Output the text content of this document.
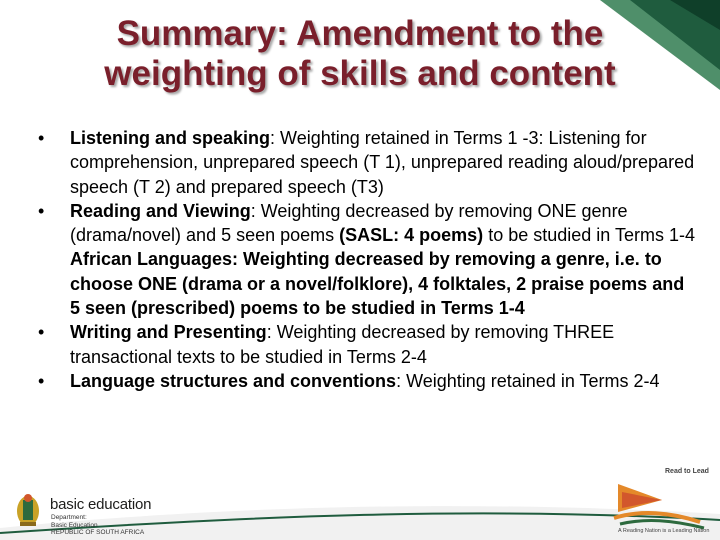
Summary: Amendment to the
weighting of skills and content
•	Listening and speaking: Weighting retained in Terms 1 -3: Listening for comprehension, unprepared speech (T 1), unprepared reading aloud/prepared speech (T 2) and prepared speech (T3)
•	Reading and Viewing: Weighting decreased by removing ONE genre (drama/novel) and 5 seen poems (SASL: 4 poems) to be studied in Terms 1-4
African Languages: Weighting decreased by removing a genre, i.e. to choose ONE (drama or a novel/folklore), 4 folktales, 2 praise poems and 5 seen (prescribed) poems to be studied in Terms 1-4
•	Writing and Presenting: Weighting decreased by removing THREE transactional texts to be studied in Terms 2-4
•	Language structures and conventions: Weighting retained in Terms 2-4
basic education
Department:
Basic Education
REPUBLIC OF SOUTH AFRICA
Read to Lead
A Reading Nation is a Leading Nation
